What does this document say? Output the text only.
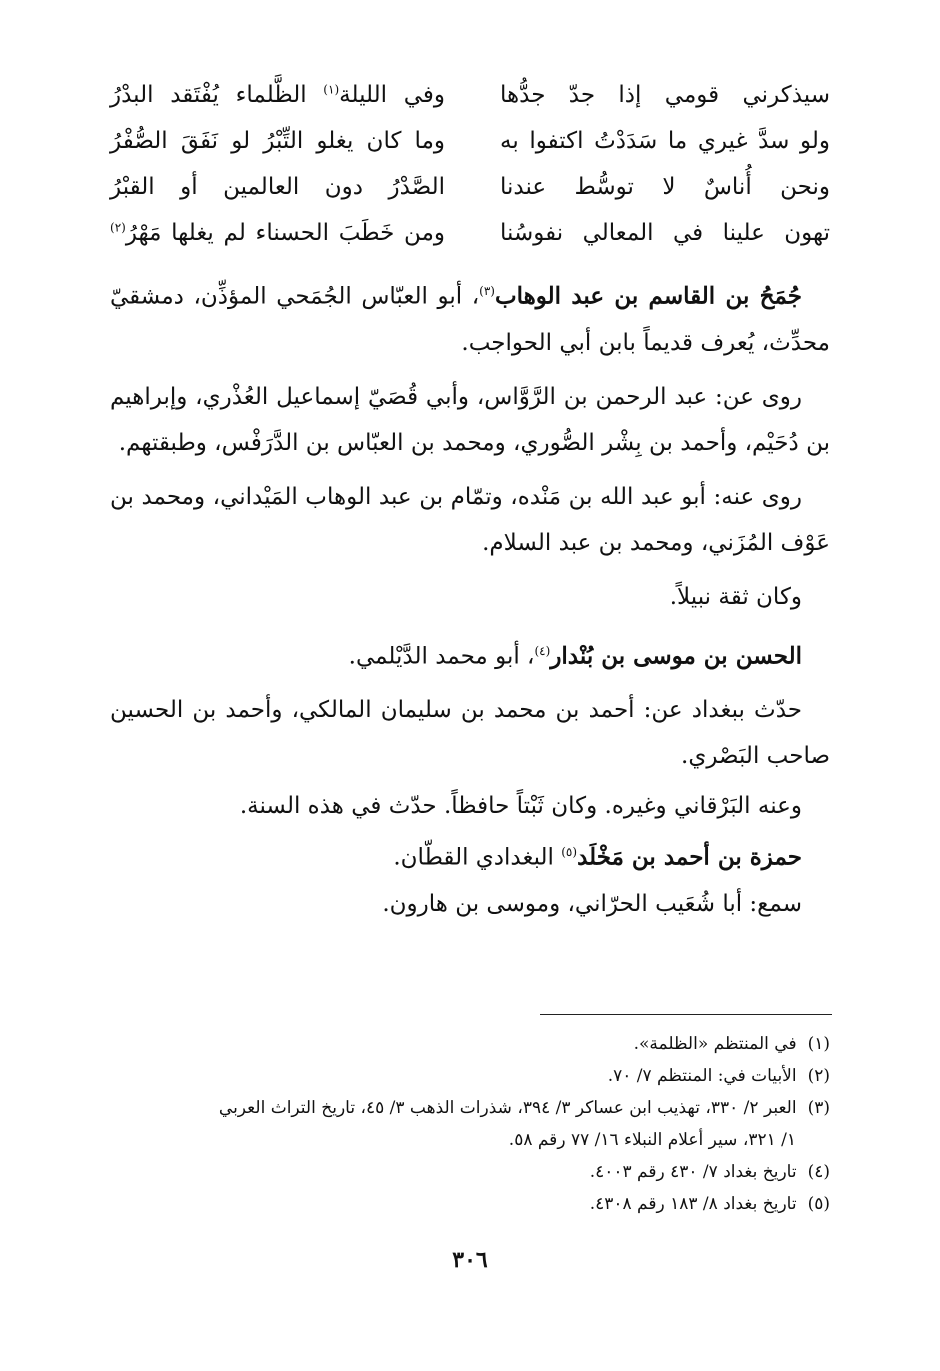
سيذكرني قومي إذا جدّ جدُّها
وفي الليلة$^{(١)}$ الظَّلماء يُفْتَقد البدْرُ
ولو سدَّ غيري ما سَدَدْتُ اكتفوا به
وما كان يغلو التِّبْرُ لو نَفَقَ الصُّفْرُ
ونحن أُناسٌ لا توسُّط عندنا
الصَّدْرُ دون العالمين أو القبْرُ
تهون علينا في المعالي نفوسُنا
ومن خَطَبَ الحسناء لم يغلها مَهْرُ$^{(٢)}$

جُمَحُ بن القاسم بن عبد الوهاب$^{(٣)}$، أبو العبّاس الجُمَحي المؤذِّن، دمشقيّ محدِّث، يُعرف قديماً بابن أبي الحواجب.

روى عن: عبد الرحمن بن الرَّوَّاس، وأبي قُصَيّ إسماعيل العُذْري، وإبراهيم بن دُحَيْم، وأحمد بن بِشْر الصُّوري، ومحمد بن العبّاس بن الدَّرَفْس، وطبقتهم.

روى عنه: أبو عبد الله بن مَنْده، وتمّام بن عبد الوهاب المَيْداني، ومحمد بن عَوْف المُزَني، ومحمد بن عبد السلام.

وكان ثقة نبيلاً.

الحسن بن موسى بن بُنْدار$^{(٤)}$، أبو محمد الدَّيْلمي.

حدّث ببغداد عن: أحمد بن محمد بن سليمان المالكي، وأحمد بن الحسين صاحب البَصْري.

وعنه البَرْقاني وغيره. وكان ثَبْتاً حافظاً. حدّث في هذه السنة.

حمزة بن أحمد بن مَخْلَد$^{(٥)}$ البغدادي القطّان.

سمع: أبا شُعَيب الحرّاني، وموسى بن هارون.

(١) في المنتظم «الظلمة».

(٢) الأبيات في: المنتظم ٧/ ٧٠.

(٣) العبر ٢/ ٣٣٠، تهذيب ابن عساكر ٣/ ٣٩٤، شذرات الذهب ٣/ ٤٥، تاريخ التراث العربي

١/ ٣٢١، سير أعلام النبلاء ١٦/ ٧٧ رقم ٥٨.

(٤) تاريخ بغداد ٧/ ٤٣٠ رقم ٤٠٠٣.

(٥) تاريخ بغداد ٨/ ١٨٣ رقم ٤٣٠٨.

٣٠٦
